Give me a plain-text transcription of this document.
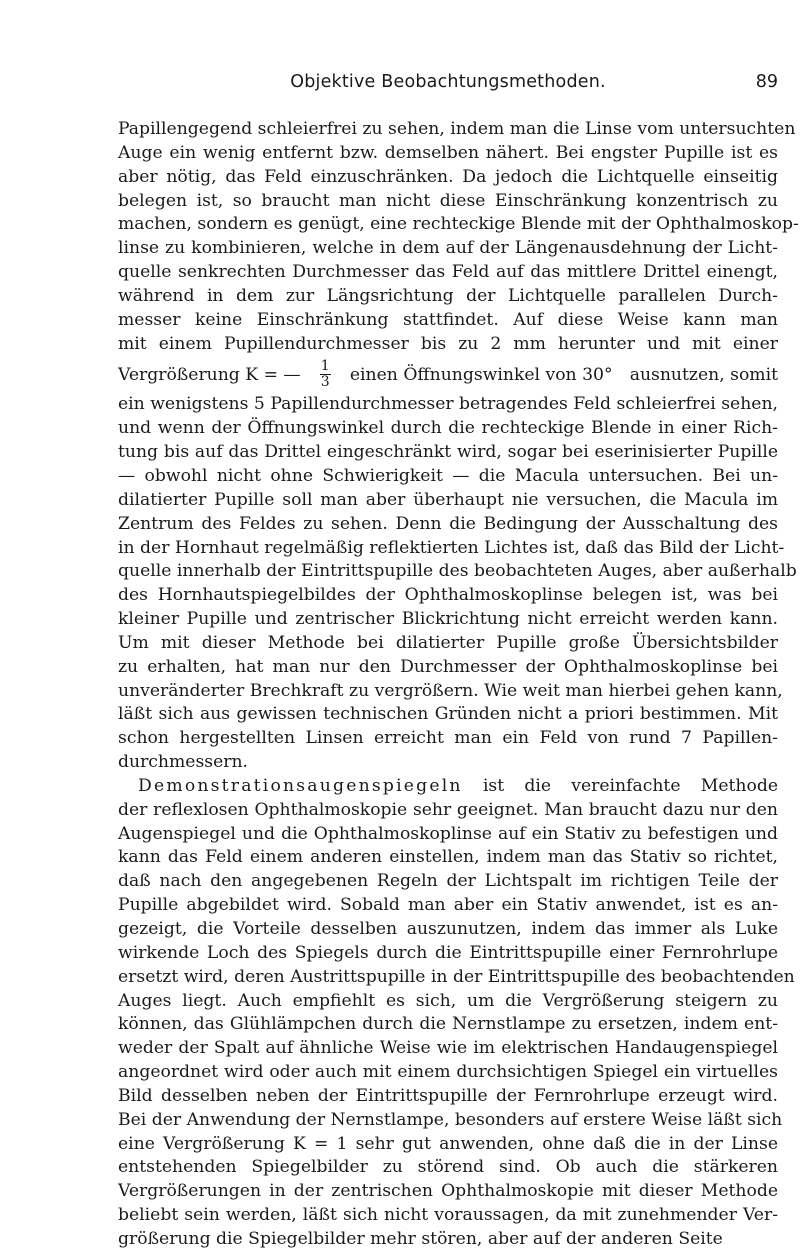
Objektive Beobachtungsmethoden.	89
Papillengegend schleierfrei zu sehen, indem man die Linse vom untersuchten
Auge ein wenig entfernt bzw. demselben nähert. Bei engster Pupille ist es
aber nötig, das Feld einzuschränken. Da jedoch die Lichtquelle einseitig
belegen ist, so braucht man nicht diese Einschränkung konzentrisch zu
machen, sondern es genügt, eine rechteckige Blende mit der Ophthalmoskop-
linse zu kombinieren, welche in dem auf der Längenausdehnung der Licht-
quelle senkrechten Durchmesser das Feld auf das mittlere Drittel einengt,
während in dem zur Längsrichtung der Lichtquelle parallelen Durch-
messer keine Einschränkung stattfindet. Auf diese Weise kann man
mit einem Pupillendurchmesser bis zu 2 mm herunter und mit einer
Vergrößerung K = — $\frac{1}{3}$ einen Öffnungswinkel von 30° ausnutzen, somit
ein wenigstens 5 Papillendurchmesser betragendes Feld schleierfrei sehen,
und wenn der Öffnungswinkel durch die rechteckige Blende in einer Rich-
tung bis auf das Drittel eingeschränkt wird, sogar bei eserinisierter Pupille
— obwohl nicht ohne Schwierigkeit — die Macula untersuchen. Bei un-
dilatierter Pupille soll man aber überhaupt nie versuchen, die Macula im
Zentrum des Feldes zu sehen. Denn die Bedingung der Ausschaltung des
in der Hornhaut regelmäßig reflektierten Lichtes ist, daß das Bild der Licht-
quelle innerhalb der Eintrittspupille des beobachteten Auges, aber außerhalb
des Hornhautspiegelbildes der Ophthalmoskoplinse belegen ist, was bei
kleiner Pupille und zentrischer Blickrichtung nicht erreicht werden kann.
Um mit dieser Methode bei dilatierter Pupille große Übersichtsbilder
zu erhalten, hat man nur den Durchmesser der Ophthalmoskoplinse bei
unveränderter Brechkraft zu vergrößern. Wie weit man hierbei gehen kann,
läßt sich aus gewissen technischen Gründen nicht a priori bestimmen. Mit
schon hergestellten Linsen erreicht man ein Feld von rund 7 Papillen-
durchmessern.
Demonstrationsaugenspiegeln ist die vereinfachte Methode
der reflexlosen Ophthalmoskopie sehr geeignet. Man braucht dazu nur den
Augenspiegel und die Ophthalmoskoplinse auf ein Stativ zu befestigen und
kann das Feld einem anderen einstellen, indem man das Stativ so richtet,
daß nach den angegebenen Regeln der Lichtspalt im richtigen Teile der
Pupille abgebildet wird. Sobald man aber ein Stativ anwendet, ist es an-
gezeigt, die Vorteile desselben auszunutzen, indem das immer als Luke
wirkende Loch des Spiegels durch die Eintrittspupille einer Fernrohrlupe
ersetzt wird, deren Austrittspupille in der Eintrittspupille des beobachtenden
Auges liegt. Auch empfiehlt es sich, um die Vergrößerung steigern zu
können, das Glühlämpchen durch die Nernstlampe zu ersetzen, indem ent-
weder der Spalt auf ähnliche Weise wie im elektrischen Handaugenspiegel
angeordnet wird oder auch mit einem durchsichtigen Spiegel ein virtuelles
Bild desselben neben der Eintrittspupille der Fernrohrlupe erzeugt wird.
Bei der Anwendung der Nernstlampe, besonders auf erstere Weise läßt sich
eine Vergrößerung K = 1 sehr gut anwenden, ohne daß die in der Linse
entstehenden Spiegelbilder zu störend sind. Ob auch die stärkeren
Vergrößerungen in der zentrischen Ophthalmoskopie mit dieser Methode
beliebt sein werden, läßt sich nicht voraussagen, da mit zunehmender Ver-
größerung die Spiegelbilder mehr stören, aber auf der anderen Seite
